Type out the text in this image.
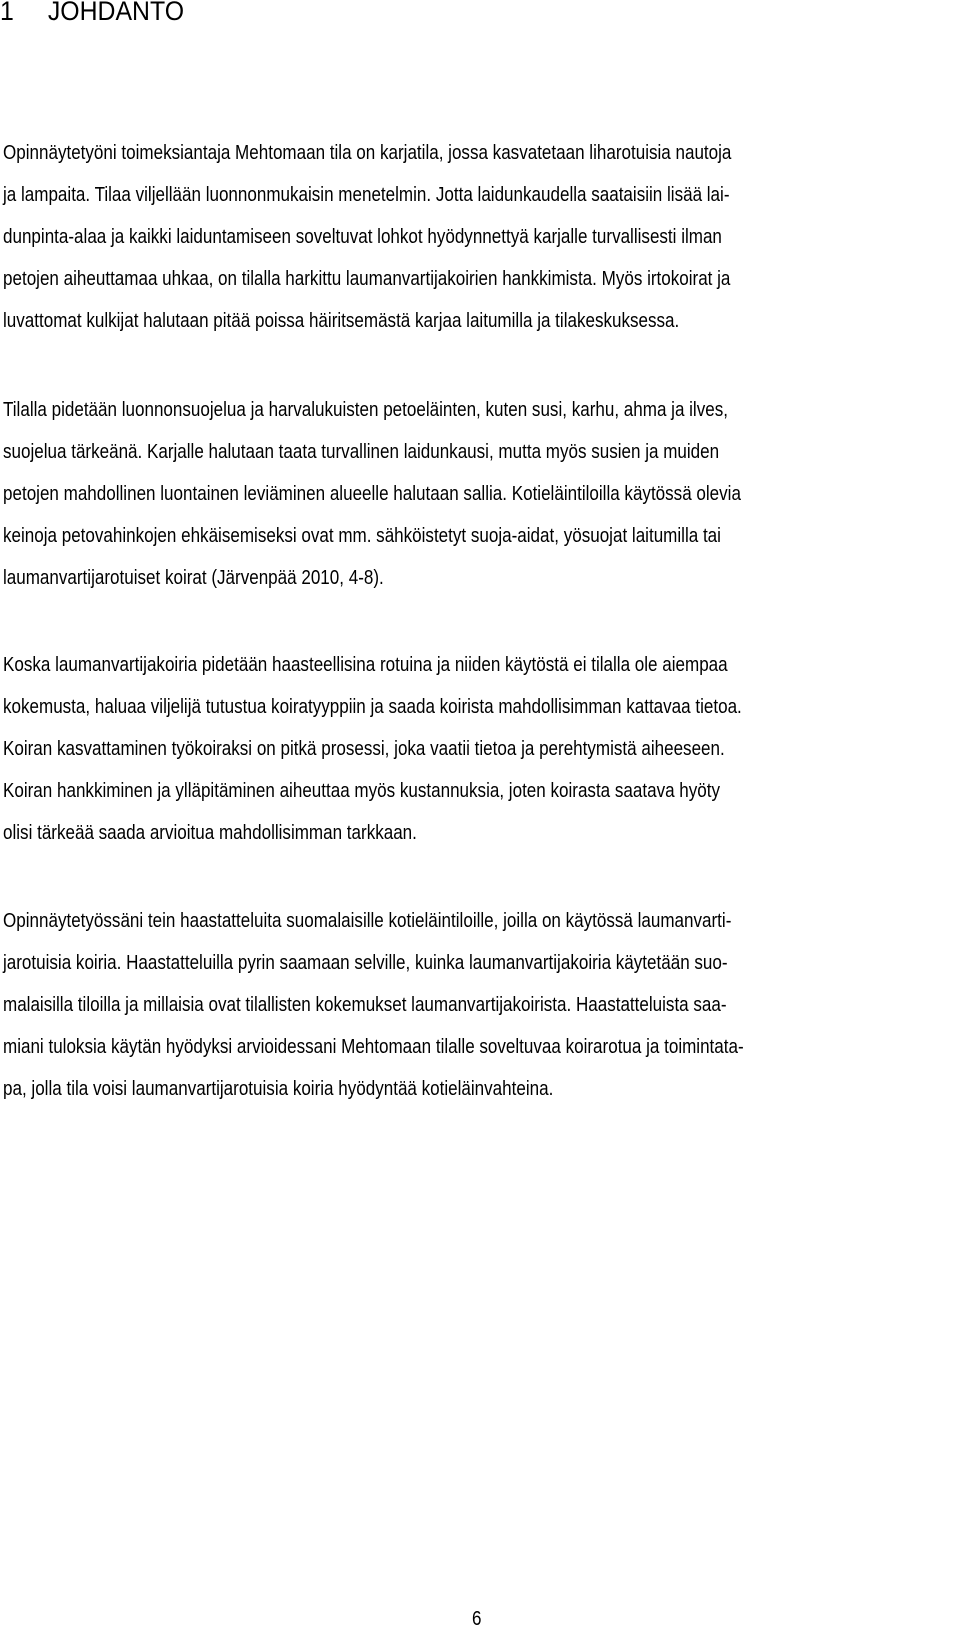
1 JOHDANTO

Opinnäytetyöni toimeksiantaja Mehtomaan tila on karjatila, jossa kasvatetaan liharotuisia nautoja

ja lampaita. Tilaa viljellään luonnonmukaisin menetelmin. Jotta laidunkaudella saataisiin lisää lai-

dunpinta-alaa ja kaikki laiduntamiseen soveltuvat lohkot hyödynnettyä karjalle turvallisesti ilman

petojen aiheuttamaa uhkaa, on tilalla harkittu laumanvartijakoirien hankkimista. Myös irtokoirat ja

luvattomat kulkijat halutaan pitää poissa häiritsemästä karjaa laitumilla ja tilakeskuksessa.

Tilalla pidetään luonnonsuojelua ja harvalukuisten petoeläinten, kuten susi, karhu, ahma ja ilves,

suojelua tärkeänä. Karjalle halutaan taata turvallinen laidunkausi, mutta myös susien ja muiden

petojen mahdollinen luontainen leviäminen alueelle halutaan sallia. Kotieläintiloilla käytössä olevia

keinoja petovahinkojen ehkäisemiseksi ovat mm. sähköistetyt suoja-aidat, yösuojat laitumilla tai

laumanvartijarotuiset koirat (Järvenpää 2010, 4-8).

Koska laumanvartijakoiria pidetään haasteellisina rotuina ja niiden käytöstä ei tilalla ole aiempaa

kokemusta, haluaa viljelijä tutustua koiratyyppiin ja saada koirista mahdollisimman kattavaa tietoa.

Koiran kasvattaminen työkoiraksi on pitkä prosessi, joka vaatii tietoa ja perehtymistä aiheeseen.

Koiran hankkiminen ja ylläpitäminen aiheuttaa myös kustannuksia, joten koirasta saatava hyöty

olisi tärkeää saada arvioitua mahdollisimman tarkkaan.

Opinnäytetyössäni tein haastatteluita suomalaisille kotieläintiloille, joilla on käytössä laumanvarti-

jarotuisia koiria. Haastatteluilla pyrin saamaan selville, kuinka laumanvartijakoiria käytetään suo-

malaisilla tiloilla ja millaisia ovat tilallisten kokemukset laumanvartijakoirista. Haastatteluista saa-

miani tuloksia käytän hyödyksi arvioidessani Mehtomaan tilalle soveltuvaa koirarotua ja toimintata-

pa, jolla tila voisi laumanvartijarotuisia koiria hyödyntää kotieläinvahteina.

6
